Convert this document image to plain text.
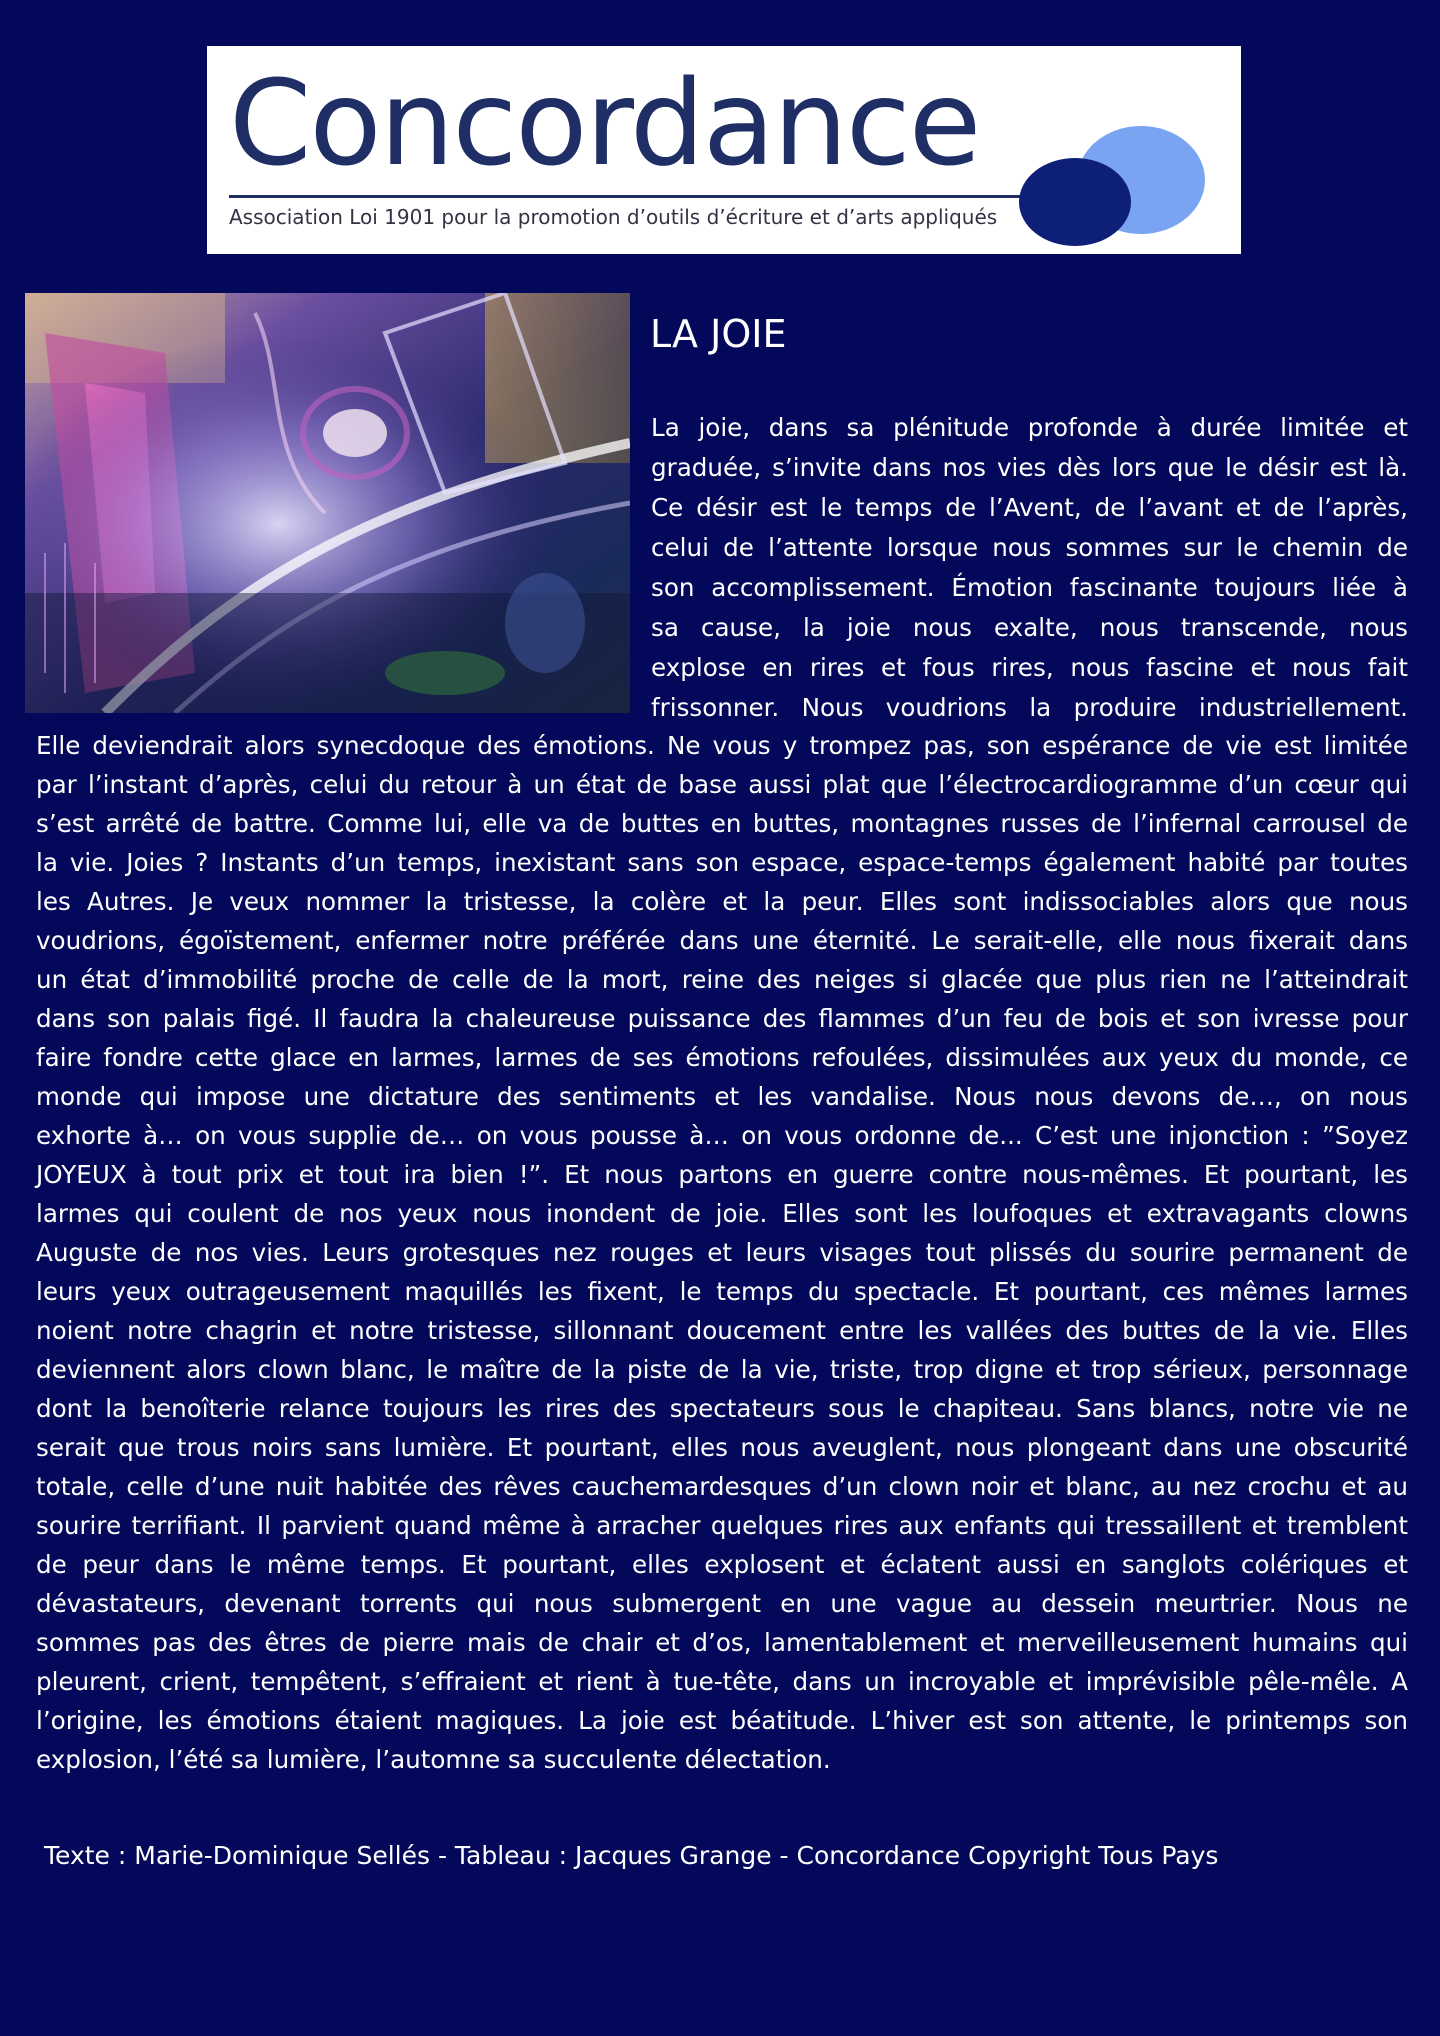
Concordance
Association Loi 1901 pour la promotion d’outils d’écriture et d’arts appliqués
LA JOIE
La joie, dans sa plénitude profonde à durée limitée et
graduée, s’invite dans nos vies dès lors que le désir est là.
Ce désir est le temps de l’Avent, de l’avant et de l’après,
celui de l’attente lorsque nous sommes sur le chemin de
son accomplissement. Émotion fascinante toujours liée à
sa cause, la joie nous exalte, nous transcende, nous
explose en rires et fous rires, nous fascine et nous fait
frissonner. Nous voudrions la produire industriellement.
Elle deviendrait alors synecdoque des émotions. Ne vous y trompez pas, son espérance de vie est limitée
par l’instant d’après, celui du retour à un état de base aussi plat que l’électrocardiogramme d’un cœur qui
s’est arrêté de battre. Comme lui, elle va de buttes en buttes, montagnes russes de l’infernal carrousel de
la vie. Joies ? Instants d’un temps, inexistant sans son espace, espace-temps également habité par toutes
les Autres. Je veux nommer la tristesse, la colère et la peur. Elles sont indissociables alors que nous
voudrions, égoïstement, enfermer notre préférée dans une éternité. Le serait-elle, elle nous fixerait dans
un état d’immobilité proche de celle de la mort, reine des neiges si glacée que plus rien ne l’atteindrait
dans son palais figé. Il faudra la chaleureuse puissance des flammes d’un feu de bois et son ivresse pour
faire fondre cette glace en larmes, larmes de ses émotions refoulées, dissimulées aux yeux du monde, ce
monde qui impose une dictature des sentiments et les vandalise. Nous nous devons de…, on nous
exhorte à… on vous supplie de… on vous pousse à… on vous ordonne de... C’est une injonction : ”Soyez
JOYEUX à tout prix et tout ira bien !”. Et nous partons en guerre contre nous-mêmes. Et pourtant, les
larmes qui coulent de nos yeux nous inondent de joie. Elles sont les loufoques et extravagants clowns
Auguste de nos vies. Leurs grotesques nez rouges et leurs visages tout plissés du sourire permanent de
leurs yeux outrageusement maquillés les fixent, le temps du spectacle. Et pourtant, ces mêmes larmes
noient notre chagrin et notre tristesse, sillonnant doucement entre les vallées des buttes de la vie. Elles
deviennent alors clown blanc, le maître de la piste de la vie, triste, trop digne et trop sérieux, personnage
dont la benoîterie relance toujours les rires des spectateurs sous le chapiteau. Sans blancs, notre vie ne
serait que trous noirs sans lumière. Et pourtant, elles nous aveuglent, nous plongeant dans une obscurité
totale, celle d’une nuit habitée des rêves cauchemardesques d’un clown noir et blanc, au nez crochu et au
sourire terrifiant. Il parvient quand même à arracher quelques rires aux enfants qui tressaillent et tremblent
de peur dans le même temps. Et pourtant, elles explosent et éclatent aussi en sanglots colériques et
dévastateurs, devenant torrents qui nous submergent en une vague au dessein meurtrier. Nous ne
sommes pas des êtres de pierre mais de chair et d’os, lamentablement et merveilleusement humains qui
pleurent, crient, tempêtent, s’effraient et rient à tue-tête, dans un incroyable et imprévisible pêle-mêle. A
l’origine, les émotions étaient magiques. La joie est béatitude. L’hiver est son attente, le printemps son
explosion, l’été sa lumière, l’automne sa succulente délectation.
Texte : Marie-Dominique Sellés - Tableau : Jacques Grange - Concordance Copyright Tous Pays
